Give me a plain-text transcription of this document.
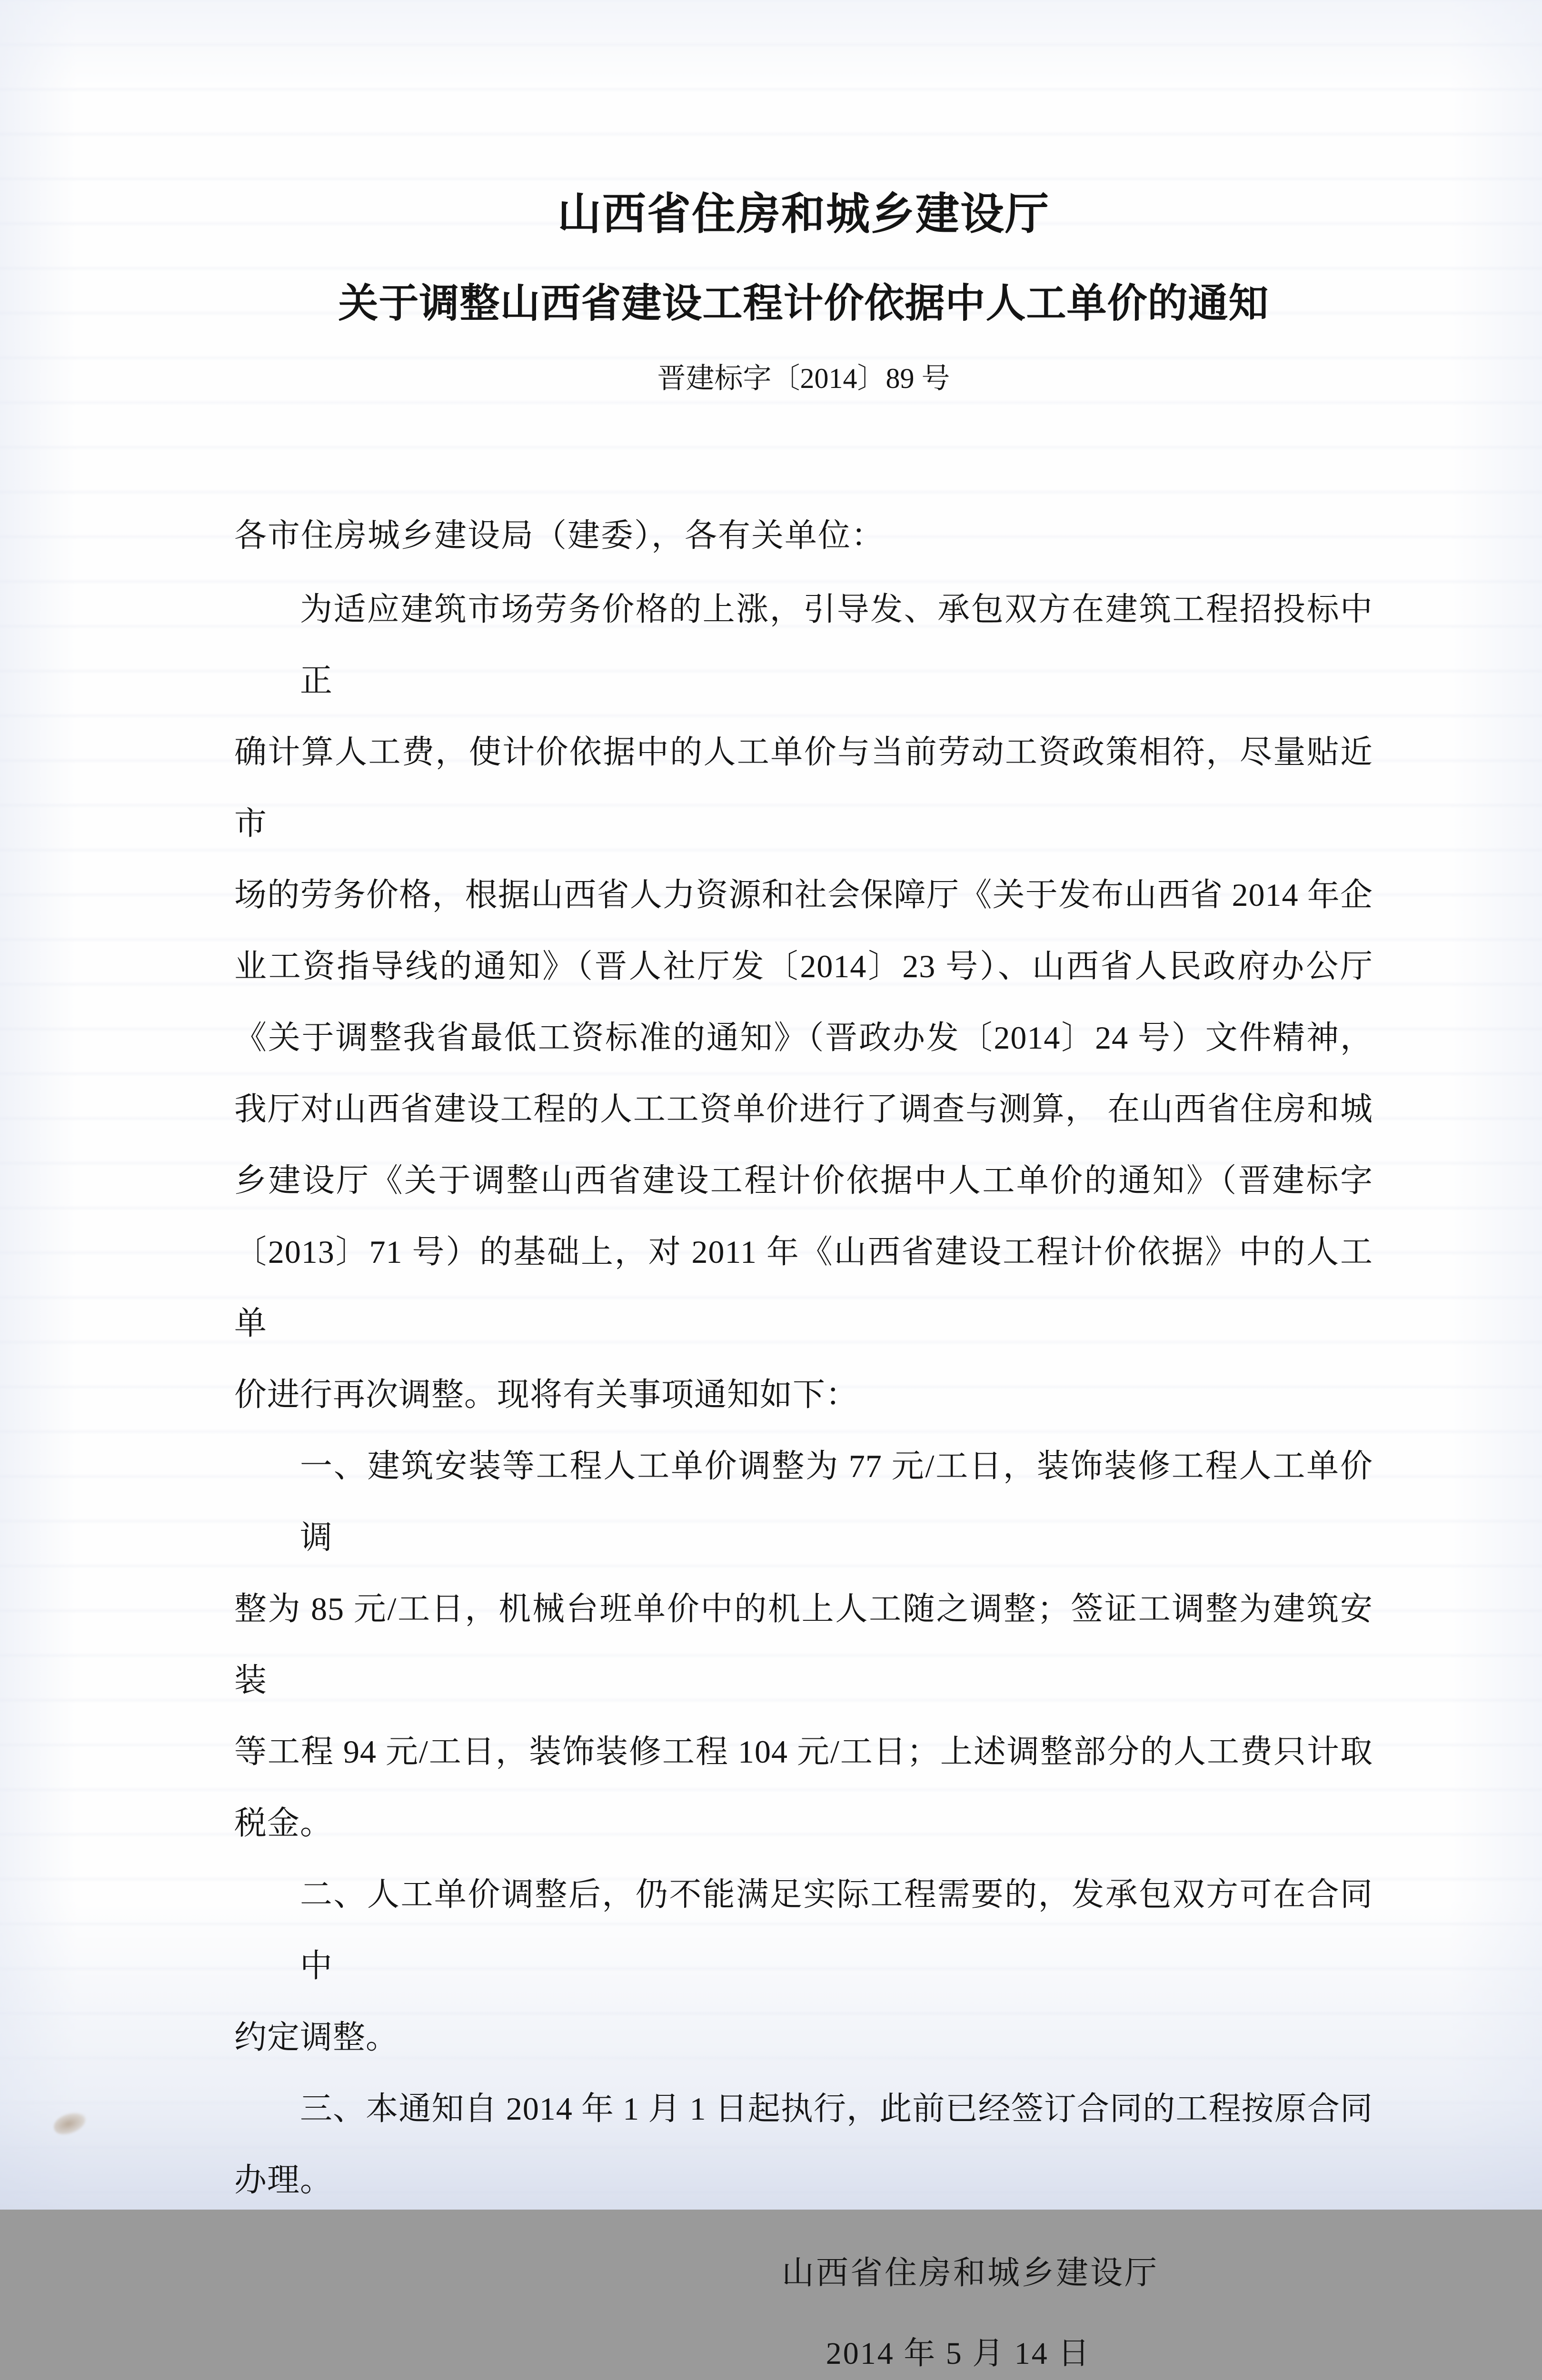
山西省住房和城乡建设厅
关于调整山西省建设工程计价依据中人工单价的通知
晋建标字〔2014〕89 号
各市住房城乡建设局（建委），各有关单位：
为适应建筑市场劳务价格的上涨，引导发、承包双方在建筑工程招投标中正
确计算人工费，使计价依据中的人工单价与当前劳动工资政策相符，尽量贴近市
场的劳务价格，根据山西省人力资源和社会保障厅《关于发布山西省 2014 年企
业工资指导线的通知》（晋人社厅发〔2014〕23 号）、山西省人民政府办公厅
《关于调整我省最低工资标准的通知》（晋政办发〔2014〕24 号）文件精神，
我厅对山西省建设工程的人工工资单价进行了调查与测算， 在山西省住房和城
乡建设厅《关于调整山西省建设工程计价依据中人工单价的通知》（晋建标字
〔2013〕71 号）的基础上，对 2011 年《山西省建设工程计价依据》中的人工单
价进行再次调整。现将有关事项通知如下：
一、建筑安装等工程人工单价调整为 77 元/工日，装饰装修工程人工单价调
整为 85 元/工日，机械台班单价中的机上人工随之调整；签证工调整为建筑安装
等工程 94 元/工日，装饰装修工程 104 元/工日；上述调整部分的人工费只计取
税金。
二、人工单价调整后，仍不能满足实际工程需要的，发承包双方可在合同中
约定调整。
三、本通知自 2014 年 1 月 1 日起执行，此前已经签订合同的工程按原合同
办理。
山西省住房和城乡建设厅
2014 年 5 月 14 日
